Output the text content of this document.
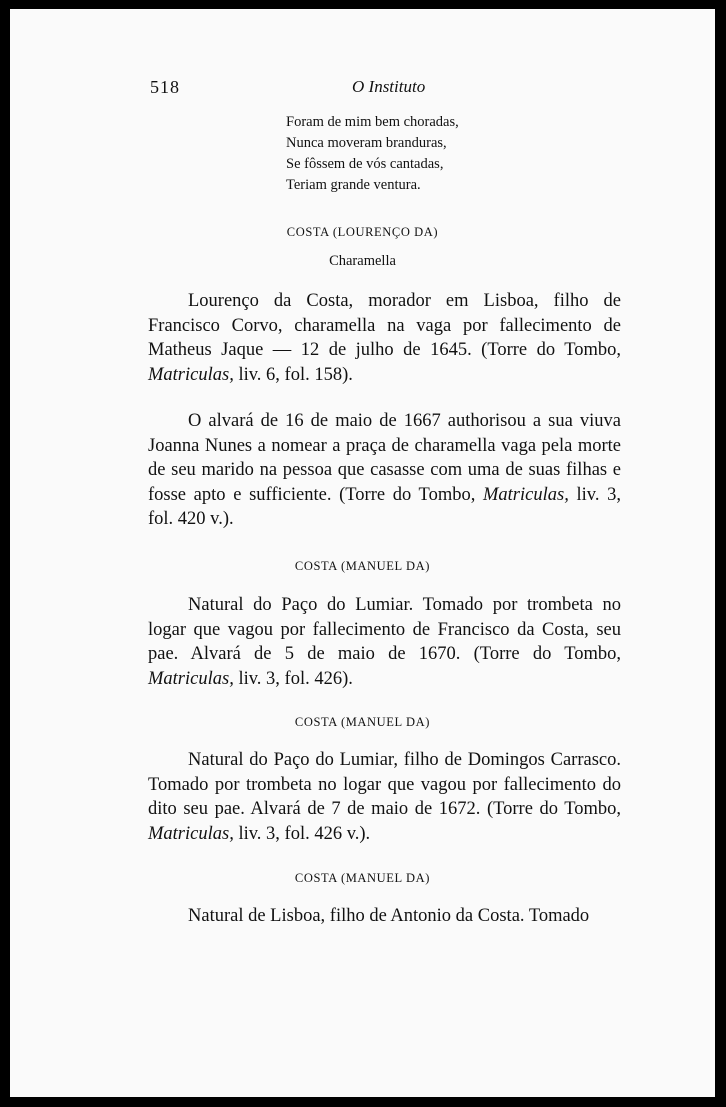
518	O Instituto
Foram de mim bem choradas,
Nunca moveram branduras,
Se fôssem de vós cantadas,
Teriam grande ventura.
COSTA (LOURENÇO DA)
Charamella

Lourenço da Costa, morador em Lisboa, filho de Francisco Corvo, charamella na vaga por fallecimento de Matheus Jaque — 12 de julho de 1645. (Torre do Tombo, Matriculas, liv. 6, fol. 158).

O alvará de 16 de maio de 1667 authorisou a sua viuva Joanna Nunes a nomear a praça de charamella vaga pela morte de seu marido na pessoa que casasse com uma de suas filhas e fosse apto e sufficiente. (Torre do Tombo, Matriculas, liv. 3, fol. 420 v.).

COSTA (MANUEL DA)

Natural do Paço do Lumiar. Tomado por trombeta no logar que vagou por fallecimento de Francisco da Costa, seu pae. Alvará de 5 de maio de 1670. (Torre do Tombo, Matriculas, liv. 3, fol. 426).

COSTA (MANUEL DA)

Natural do Paço do Lumiar, filho de Domingos Carrasco. Tomado por trombeta no logar que vagou por fallecimento do dito seu pae. Alvará de 7 de maio de 1672. (Torre do Tombo, Matriculas, liv. 3, fol. 426 v.).

COSTA (MANUEL DA)

Natural de Lisboa, filho de Antonio da Costa. Tomado
